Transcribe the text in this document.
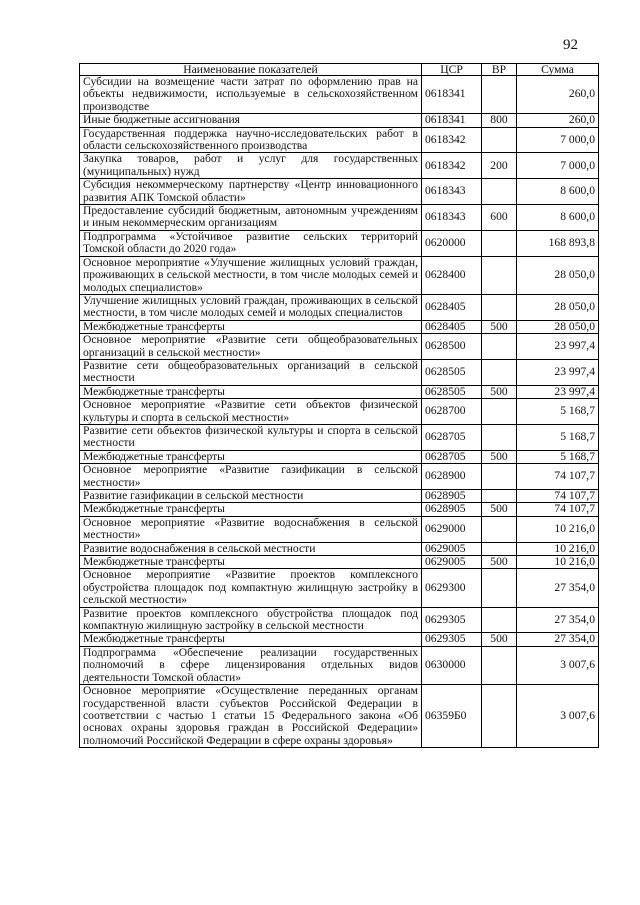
92
Наименование показателей	ЦСР	ВР	Сумма
Субсидии на возмещение части затрат по оформлению прав на объекты недвижимости, используемые в сельскохозяйственном производстве	0618341		260,0
Иные бюджетные ассигнования	0618341	800	260,0
Государственная поддержка научно-исследовательских работ в области сельскохозяйственного производства	0618342		7 000,0
Закупка товаров, работ и услуг для государственных (муниципальных) нужд	0618342	200	7 000,0
Субсидия некоммерческому партнерству «Центр инновационного развития АПК Томской области»	0618343		8 600,0
Предоставление субсидий бюджетным, автономным учреждениям и иным некоммерческим организациям	0618343	600	8 600,0
Подпрограмма «Устойчивое развитие сельских территорий Томской области до 2020 года»	0620000		168 893,8
Основное мероприятие «Улучшение жилищных условий граждан, проживающих в сельской местности, в том числе молодых семей и молодых специалистов»	0628400		28 050,0
Улучшение жилищных условий граждан, проживающих в сельской местности, в том числе молодых семей и молодых специалистов	0628405		28 050,0
Межбюджетные трансферты	0628405	500	28 050,0
Основное мероприятие «Развитие сети общеобразовательных организаций в сельской местности»	0628500		23 997,4
Развитие сети общеобразовательных организаций в сельской местности	0628505		23 997,4
Межбюджетные трансферты	0628505	500	23 997,4
Основное мероприятие «Развитие сети объектов физической культуры и спорта в сельской местности»	0628700		5 168,7
Развитие сети объектов физической культуры и спорта в сельской местности	0628705		5 168,7
Межбюджетные трансферты	0628705	500	5 168,7
Основное мероприятие «Развитие газификации в сельской местности»	0628900		74 107,7
Развитие газификации в сельской местности	0628905		74 107,7
Межбюджетные трансферты	0628905	500	74 107,7
Основное мероприятие «Развитие водоснабжения в сельской местности»	0629000		10 216,0
Развитие водоснабжения в сельской местности	0629005		10 216,0
Межбюджетные трансферты	0629005	500	10 216,0
Основное мероприятие «Развитие проектов комплексного обустройства площадок под компактную жилищную застройку в сельской местности»	0629300		27 354,0
Развитие проектов комплексного обустройства площадок под компактную жилищную застройку в сельской местности	0629305		27 354,0
Межбюджетные трансферты	0629305	500	27 354,0
Подпрограмма «Обеспечение реализации государственных полномочий в сфере лицензирования отдельных видов деятельности Томской области»	0630000		3 007,6
Основное мероприятие «Осуществление переданных органам государственной власти субъектов Российской Федерации в соответствии с частью 1 статьи 15 Федерального закона «Об основах охраны здоровья граждан в Российской Федерации» полномочий Российской Федерации в сфере охраны здоровья»	06359Б0		3 007,6
